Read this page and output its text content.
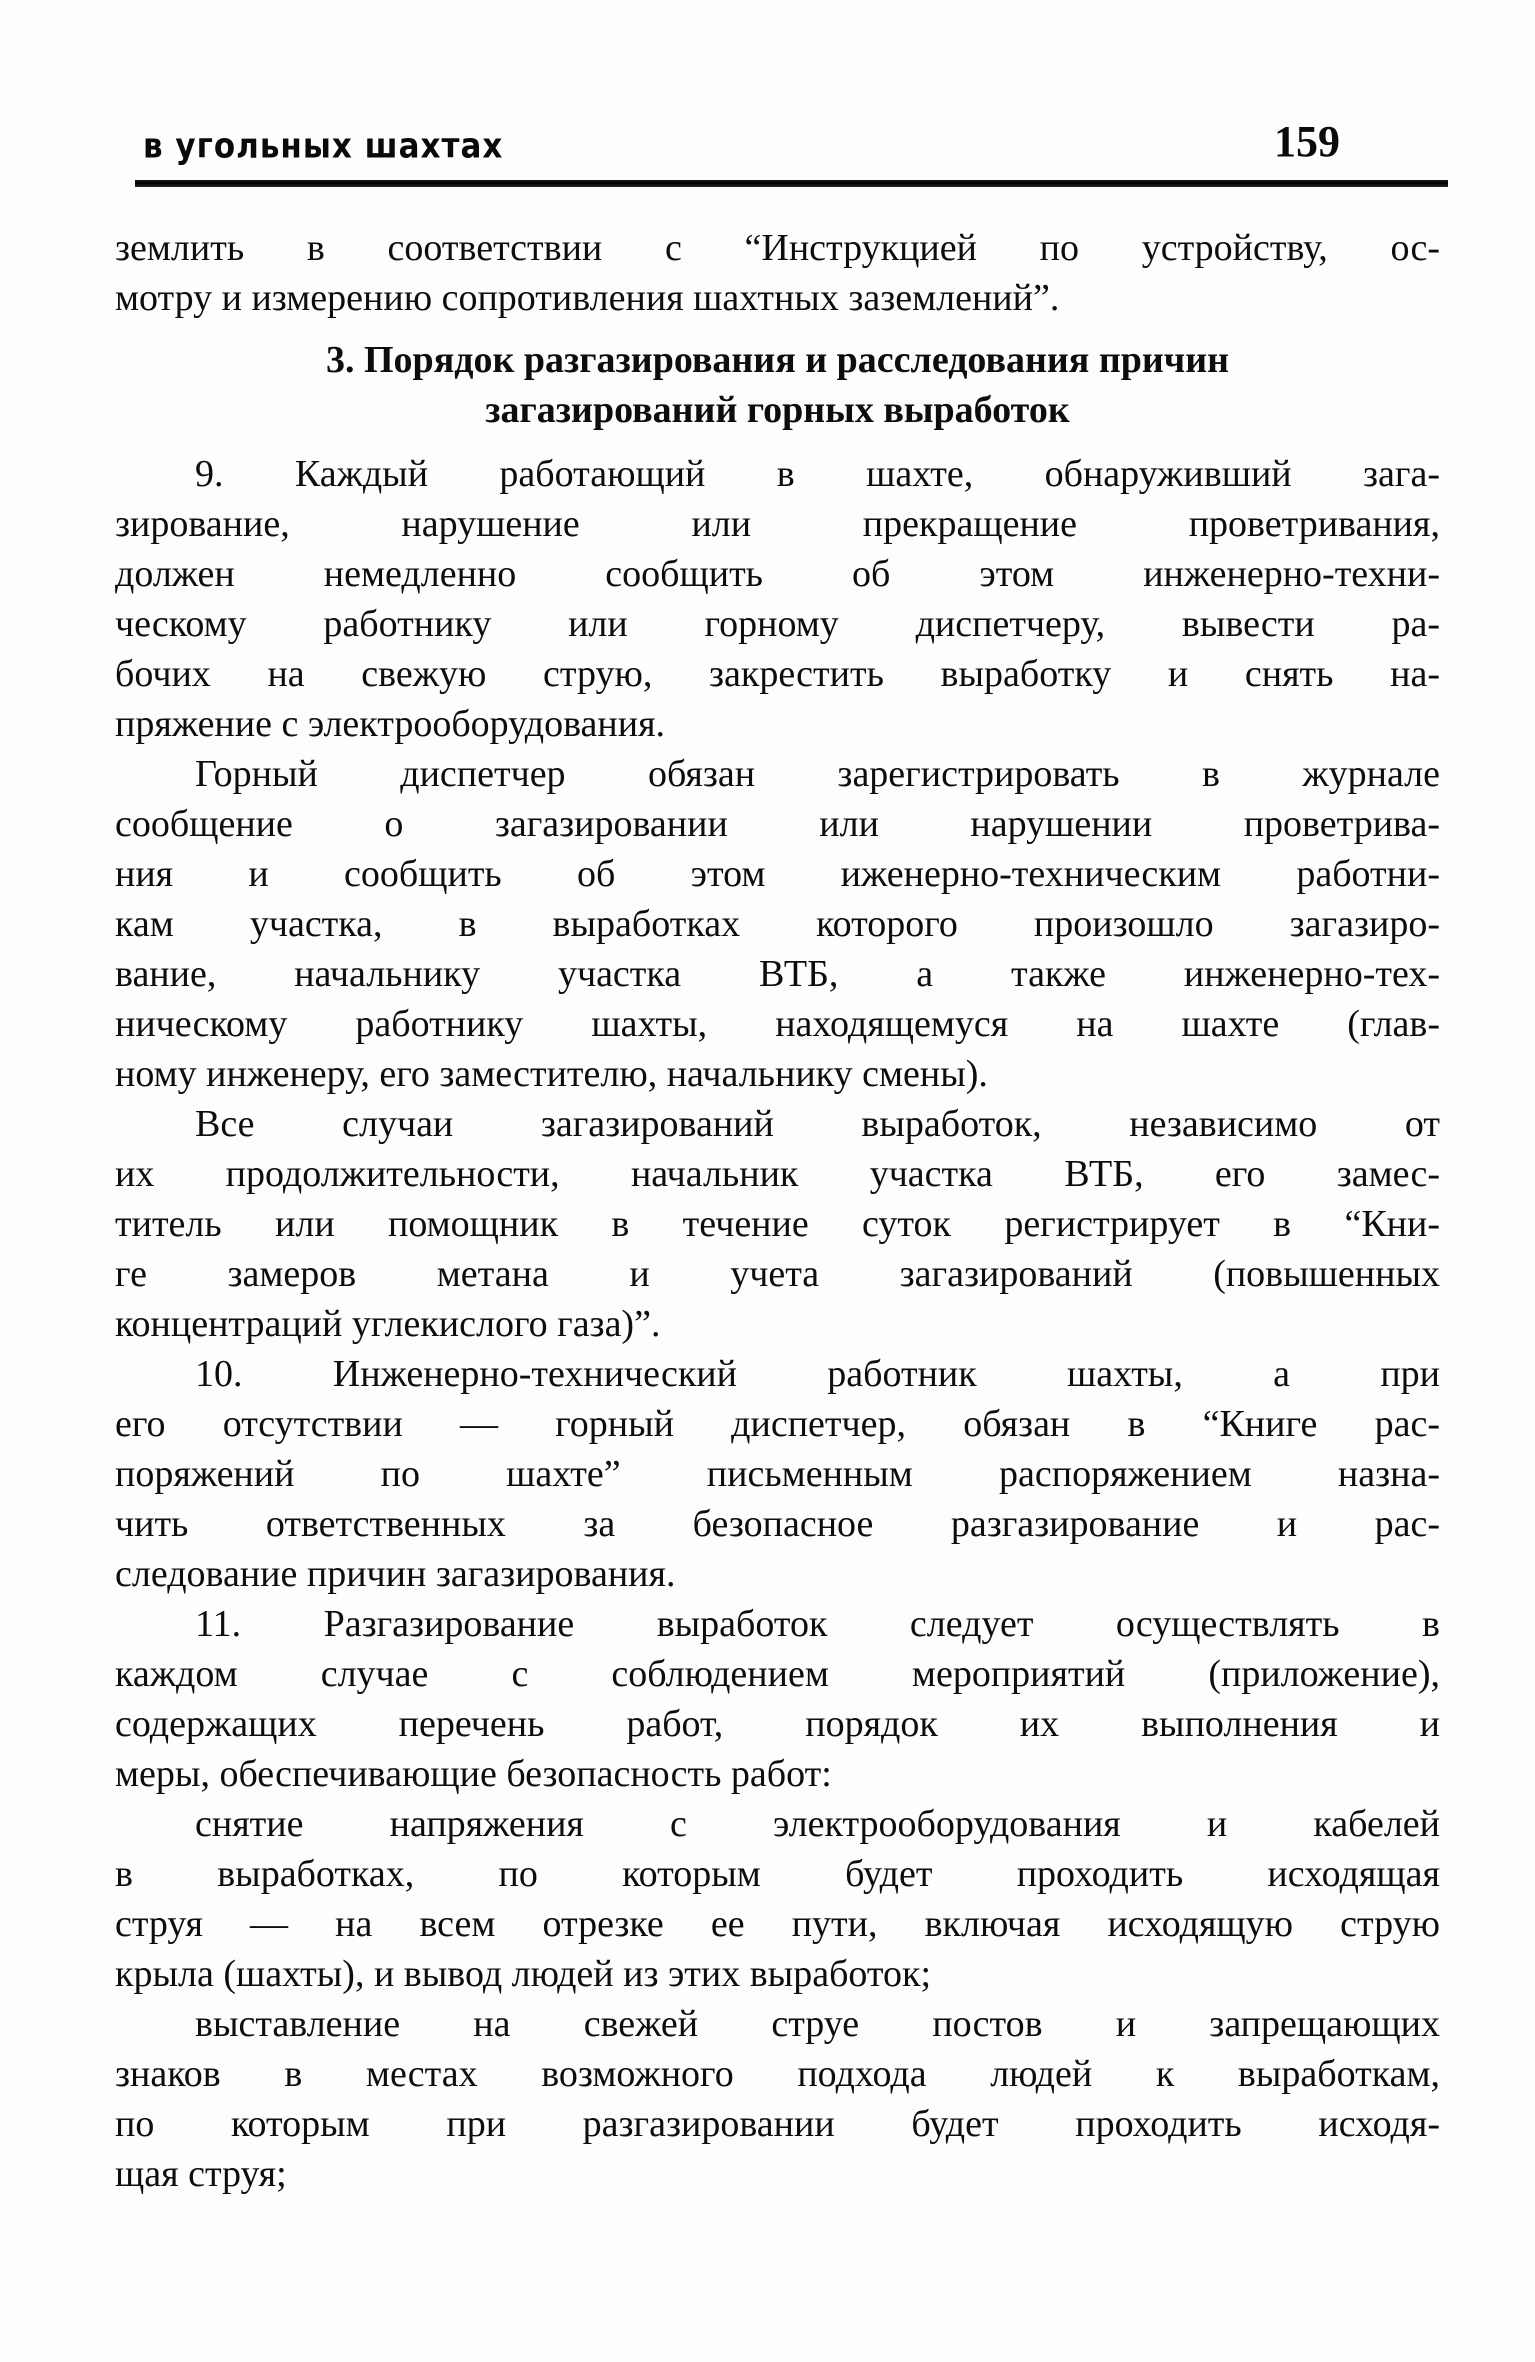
в угольных шахтах	159
землить в соответствии с “Инструкцией по устройству, ос-
мотру и измерению сопротивления шахтных заземлений”.
3. Порядок разгазирования и расследования причин
загазирований горных выработок
9. Каждый работающий в шахте, обнаруживший зага-
зирование, нарушение или прекращение проветривания,
должен немедленно сообщить об этом инженерно-техни-
ческому работнику или горному диспетчеру, вывести ра-
бочих на свежую струю, закрестить выработку и снять на-
пряжение с электрооборудования.
Горный диспетчер обязан зарегистрировать в журнале
сообщение о загазировании или нарушении проветрива-
ния и сообщить об этом иженерно-техническим работни-
кам участка, в выработках которого произошло загазиро-
вание, начальнику участка ВТБ, а также инженерно-тех-
ническому работнику шахты, находящемуся на шахте (глав-
ному инженеру, его заместителю, начальнику смены).
Все случаи загазирований выработок, независимо от
их продолжительности, начальник участка ВТБ, его замес-
титель или помощник в течение суток регистрирует в “Кни-
ге замеров метана и учета загазирований (повышенных
концентраций углекислого газа)”.
10. Инженерно-технический работник шахты, а при
его отсутствии — горный диспетчер, обязан в “Книге рас-
поряжений по шахте” письменным распоряжением назна-
чить ответственных за безопасное разгазирование и рас-
следование причин загазирования.
11. Разгазирование выработок следует осуществлять в
каждом случае с соблюдением мероприятий (приложение),
содержащих перечень работ, порядок их выполнения и
меры, обеспечивающие безопасность работ:
снятие напряжения с электрооборудования и кабелей
в выработках, по которым будет проходить исходящая
струя — на всем отрезке ее пути, включая исходящую струю
крыла (шахты), и вывод людей из этих выработок;
выставление на свежей струе постов и запрещающих
знаков в местах возможного подхода людей к выработкам,
по которым при разгазировании будет проходить исходя-
щая струя;
